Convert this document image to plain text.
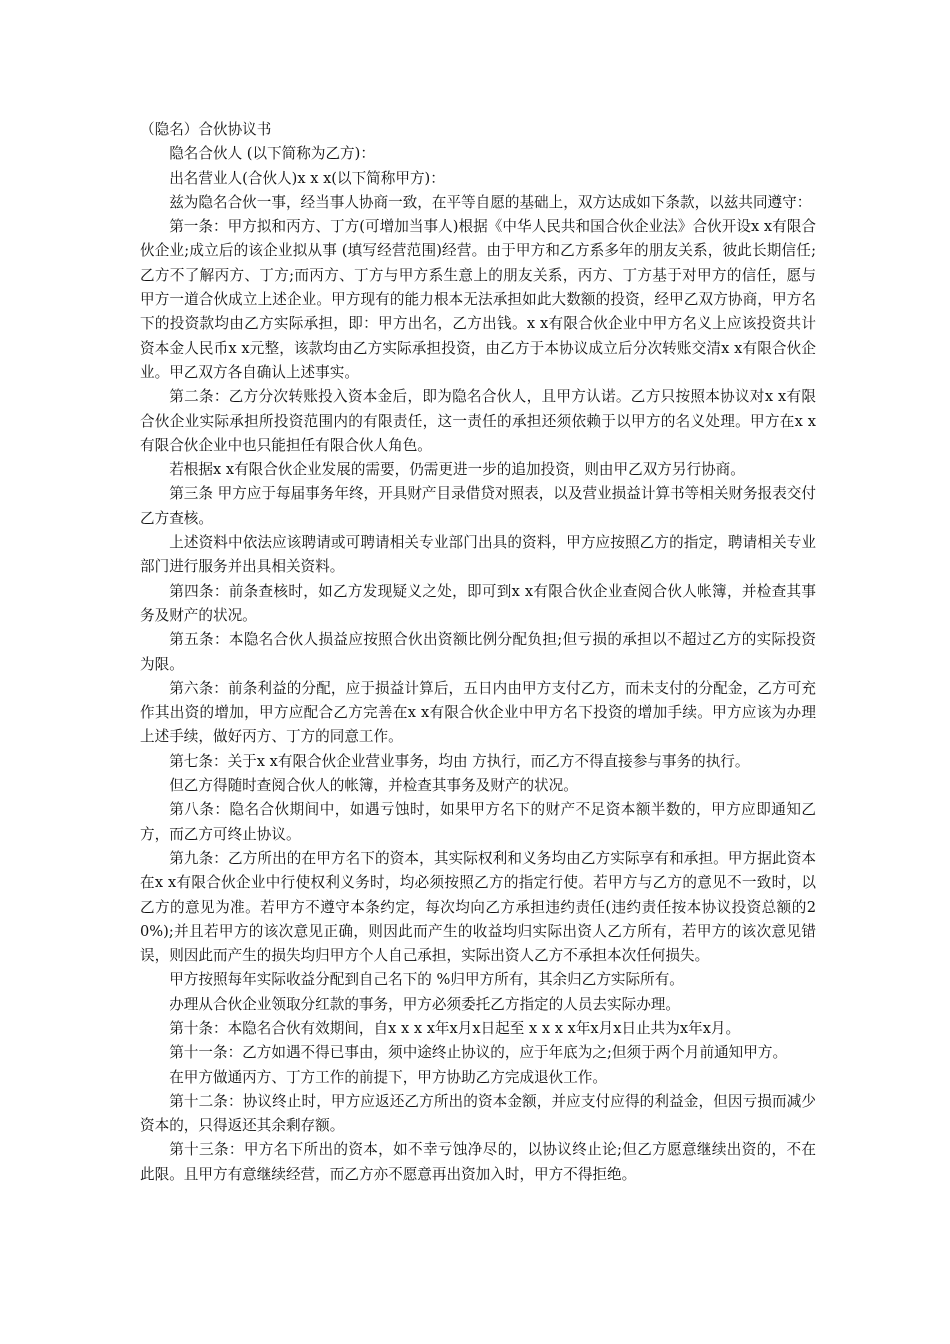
（隐名）合伙协议书

隐名合伙人 (以下简称为乙方)：

出名营业人(合伙人)x x x(以下简称甲方)：

兹为隐名合伙一事，经当事人协商一致，在平等自愿的基础上，双方达成如下条款，以兹共同遵守：

第一条：甲方拟和丙方、丁方(可增加当事人)根据《中华人民共和国合伙企业法》合伙开设x x有限合伙企业;成立后的该企业拟从事 (填写经营范围)经营。由于甲方和乙方系多年的朋友关系，彼此长期信任;乙方不了解丙方、丁方;而丙方、丁方与甲方系生意上的朋友关系，丙方、丁方基于对甲方的信任，愿与甲方一道合伙成立上述企业。甲方现有的能力根本无法承担如此大数额的投资，经甲乙双方协商，甲方名下的投资款均由乙方实际承担，即：甲方出名，乙方出钱。x x有限合伙企业中甲方名义上应该投资共计资本金人民币x x元整，该款均由乙方实际承担投资，由乙方于本协议成立后分次转账交清x x有限合伙企业。甲乙双方各自确认上述事实。

第二条：乙方分次转账投入资本金后，即为隐名合伙人，且甲方认诺。乙方只按照本协议对x x有限合伙企业实际承担所投资范围内的有限责任，这一责任的承担还须依赖于以甲方的名义处理。甲方在x x有限合伙企业中也只能担任有限合伙人角色。

若根据x x有限合伙企业发展的需要，仍需更进一步的追加投资，则由甲乙双方另行协商。

第三条 甲方应于每届事务年终，开具财产目录借贷对照表，以及营业损益计算书等相关财务报表交付乙方查核。

上述资料中依法应该聘请或可聘请相关专业部门出具的资料，甲方应按照乙方的指定，聘请相关专业部门进行服务并出具相关资料。

第四条：前条查核时，如乙方发现疑义之处，即可到x x有限合伙企业查阅合伙人帐簿，并检查其事务及财产的状况。

第五条：本隐名合伙人损益应按照合伙出资额比例分配负担;但亏损的承担以不超过乙方的实际投资为限。

第六条：前条利益的分配，应于损益计算后，五日内由甲方支付乙方，而未支付的分配金，乙方可充作其出资的增加，甲方应配合乙方完善在x x有限合伙企业中甲方名下投资的增加手续。甲方应该为办理上述手续，做好丙方、丁方的同意工作。

第七条：关于x x有限合伙企业营业事务，均由 方执行，而乙方不得直接参与事务的执行。

但乙方得随时查阅合伙人的帐簿，并检查其事务及财产的状况。

第八条：隐名合伙期间中，如遇亏蚀时，如果甲方名下的财产不足资本额半数的，甲方应即通知乙方，而乙方可终止协议。

第九条：乙方所出的在甲方名下的资本，其实际权利和义务均由乙方实际享有和承担。甲方据此资本在x x有限合伙企业中行使权利义务时，均必须按照乙方的指定行使。若甲方与乙方的意见不一致时，以乙方的意见为准。若甲方不遵守本条约定，每次均向乙方承担违约责任(违约责任按本协议投资总额的20%);并且若甲方的该次意见正确，则因此而产生的收益均归实际出资人乙方所有，若甲方的该次意见错误，则因此而产生的损失均归甲方个人自己承担，实际出资人乙方不承担本次任何损失。

甲方按照每年实际收益分配到自己名下的 %归甲方所有，其余归乙方实际所有。

办理从合伙企业领取分红款的事务，甲方必须委托乙方指定的人员去实际办理。

第十条：本隐名合伙有效期间，自x x x x年x月x日起至 x x x x年x月x日止共为x年x月。

第十一条：乙方如遇不得已事由，须中途终止协议的，应于年底为之;但须于两个月前通知甲方。

在甲方做通丙方、丁方工作的前提下，甲方协助乙方完成退伙工作。

第十二条：协议终止时，甲方应返还乙方所出的资本金额，并应支付应得的利益金，但因亏损而减少资本的，只得返还其余剩存额。

第十三条：甲方名下所出的资本，如不幸亏蚀净尽的，以协议终止论;但乙方愿意继续出资的，不在此限。且甲方有意继续经营，而乙方亦不愿意再出资加入时，甲方不得拒绝。
